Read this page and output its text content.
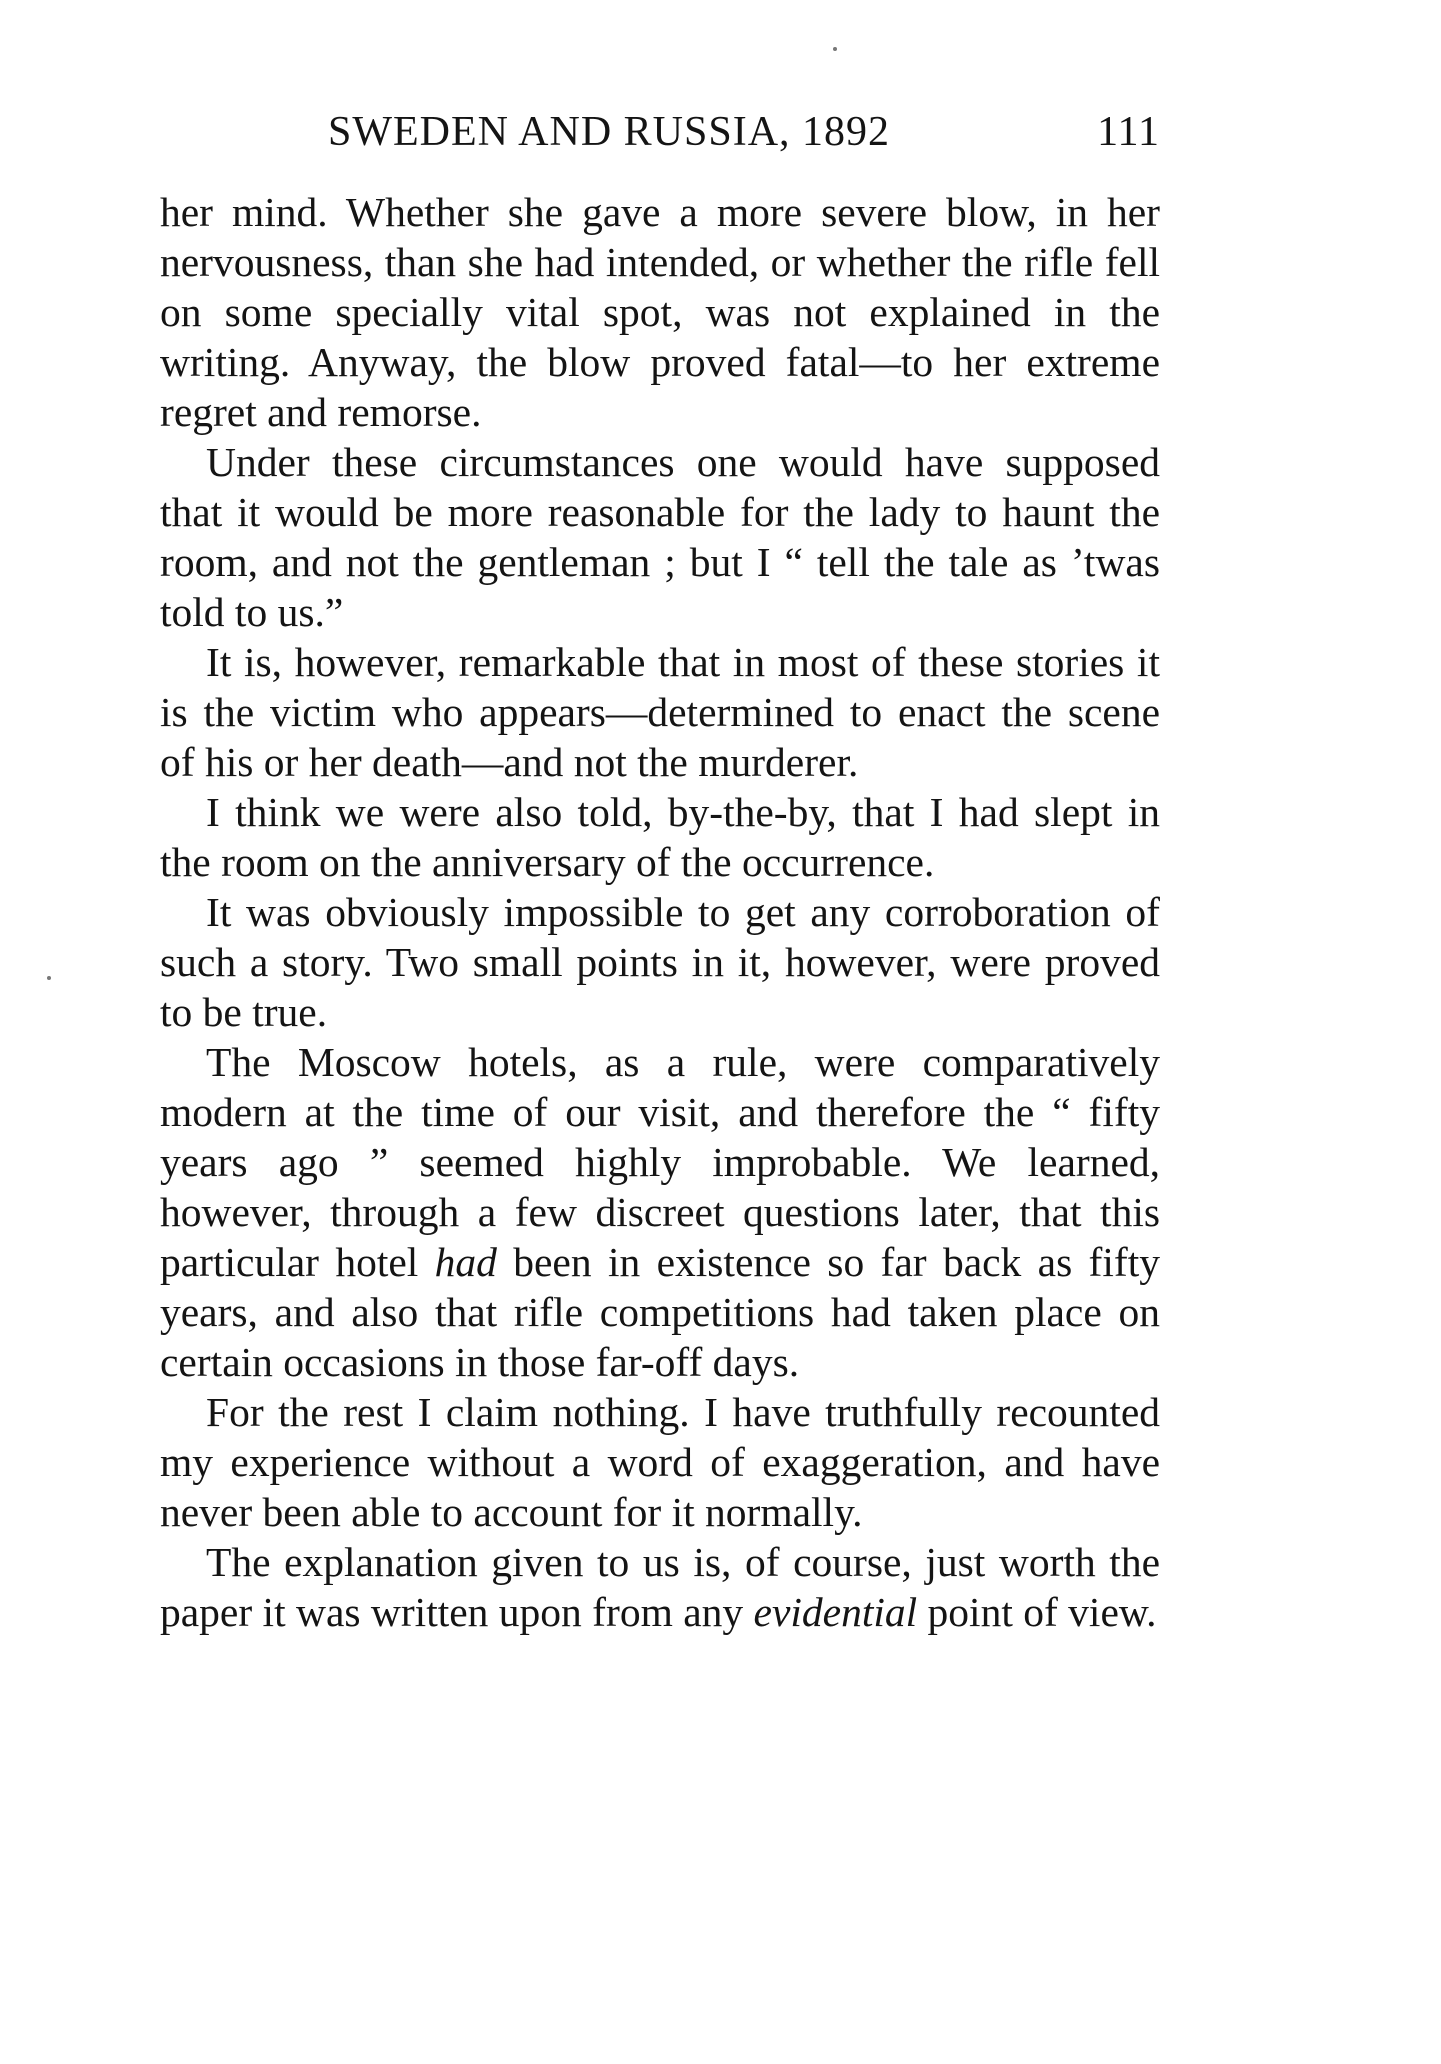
SWEDEN AND RUSSIA, 1892	111

her mind. Whether she gave a more severe blow, in her nervousness, than she had intended, or whether the rifle fell on some specially vital spot, was not explained in the writing. Anyway, the blow proved fatal—to her extreme regret and remorse.

Under these circumstances one would have supposed that it would be more reasonable for the lady to haunt the room, and not the gentleman ; but I “ tell the tale as ’twas told to us.”

It is, however, remarkable that in most of these stories it is the victim who appears—determined to enact the scene of his or her death—and not the murderer.

I think we were also told, by-the-by, that I had slept in the room on the anniversary of the occurrence.

It was obviously impossible to get any corroboration of such a story. Two small points in it, however, were proved to be true.

The Moscow hotels, as a rule, were comparatively modern at the time of our visit, and therefore the “ fifty years ago ” seemed highly improbable. We learned, however, through a few discreet questions later, that this particular hotel had been in existence so far back as fifty years, and also that rifle competitions had taken place on certain occasions in those far-off days.

For the rest I claim nothing. I have truthfully recounted my experience without a word of exaggeration, and have never been able to account for it normally.

The explanation given to us is, of course, just worth the paper it was written upon from any evidential point of view.
